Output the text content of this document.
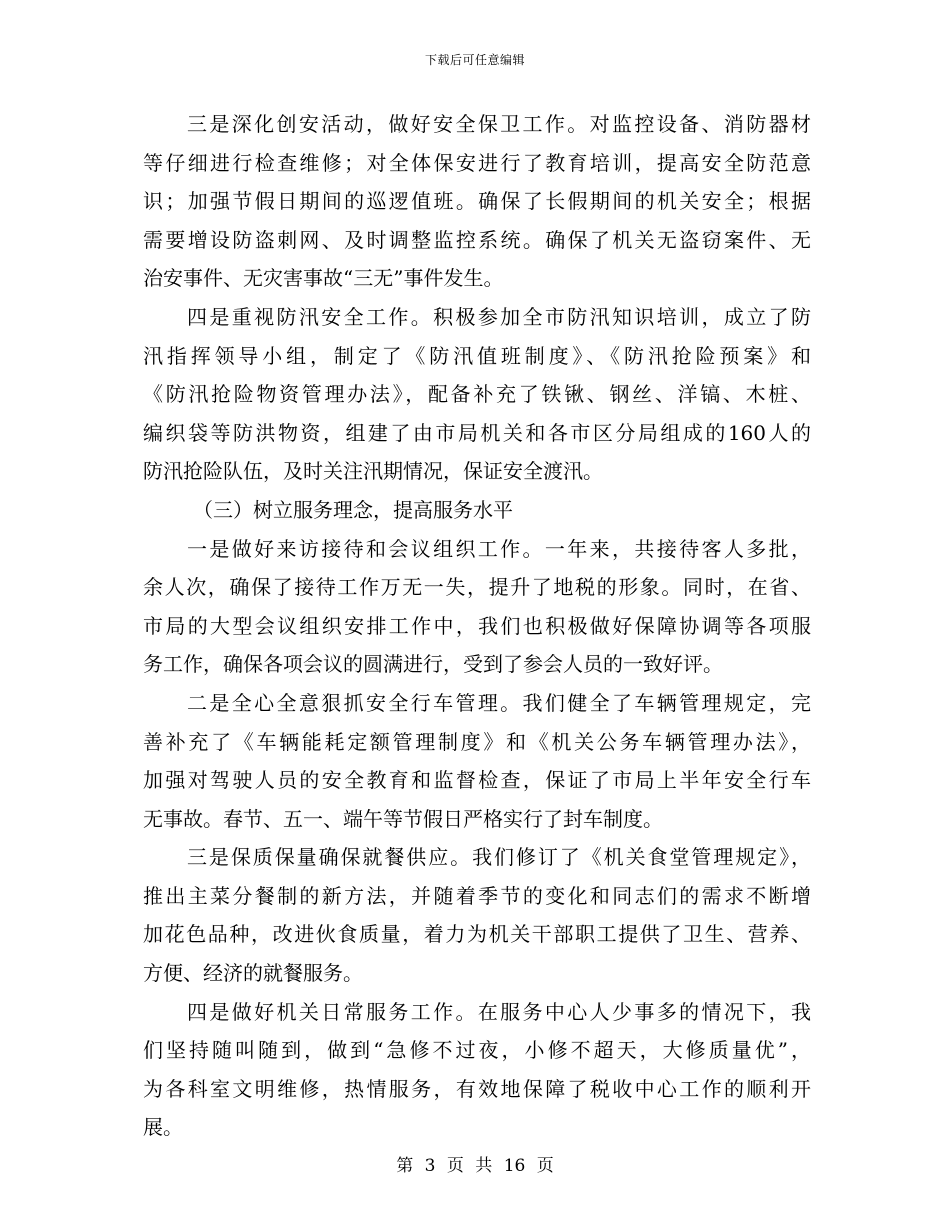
下载后可任意编辑
三是深化创安活动，做好安全保卫工作。对监控设备、消防器材
等仔细进行检查维修；对全体保安进行了教育培训，提高安全防范意
识；加强节假日期间的巡逻值班。确保了长假期间的机关安全；根据
需要增设防盗刺网、及时调整监控系统。确保了机关无盗窃案件、无
治安事件、无灾害事故“三无”事件发生。
四是重视防汛安全工作。积极参加全市防汛知识培训，成立了防
汛指挥领导小组，制定了《防汛值班制度》、《防汛抢险预案》和
《防汛抢险物资管理办法》，配备补充了铁锹、钢丝、洋镐、木桩、
编织袋等防洪物资，组建了由市局机关和各市区分局组成的160人的
防汛抢险队伍，及时关注汛期情况，保证安全渡汛。
（三）树立服务理念，提高服务水平
一是做好来访接待和会议组织工作。一年来，共接待客人多批，
余人次，确保了接待工作万无一失，提升了地税的形象。同时，在省、
市局的大型会议组织安排工作中，我们也积极做好保障协调等各项服
务工作，确保各项会议的圆满进行，受到了参会人员的一致好评。
二是全心全意狠抓安全行车管理。我们健全了车辆管理规定，完
善补充了《车辆能耗定额管理制度》和《机关公务车辆管理办法》，
加强对驾驶人员的安全教育和监督检查，保证了市局上半年安全行车
无事故。春节、五一、端午等节假日严格实行了封车制度。
三是保质保量确保就餐供应。我们修订了《机关食堂管理规定》，
推出主菜分餐制的新方法，并随着季节的变化和同志们的需求不断增
加花色品种，改进伙食质量，着力为机关干部职工提供了卫生、营养、
方便、经济的就餐服务。
四是做好机关日常服务工作。在服务中心人少事多的情况下，我
们坚持随叫随到，做到“急修不过夜，小修不超天，大修质量优”，
为各科室文明维修，热情服务，有效地保障了税收中心工作的顺利开
展。
第 3 页 共 16 页
